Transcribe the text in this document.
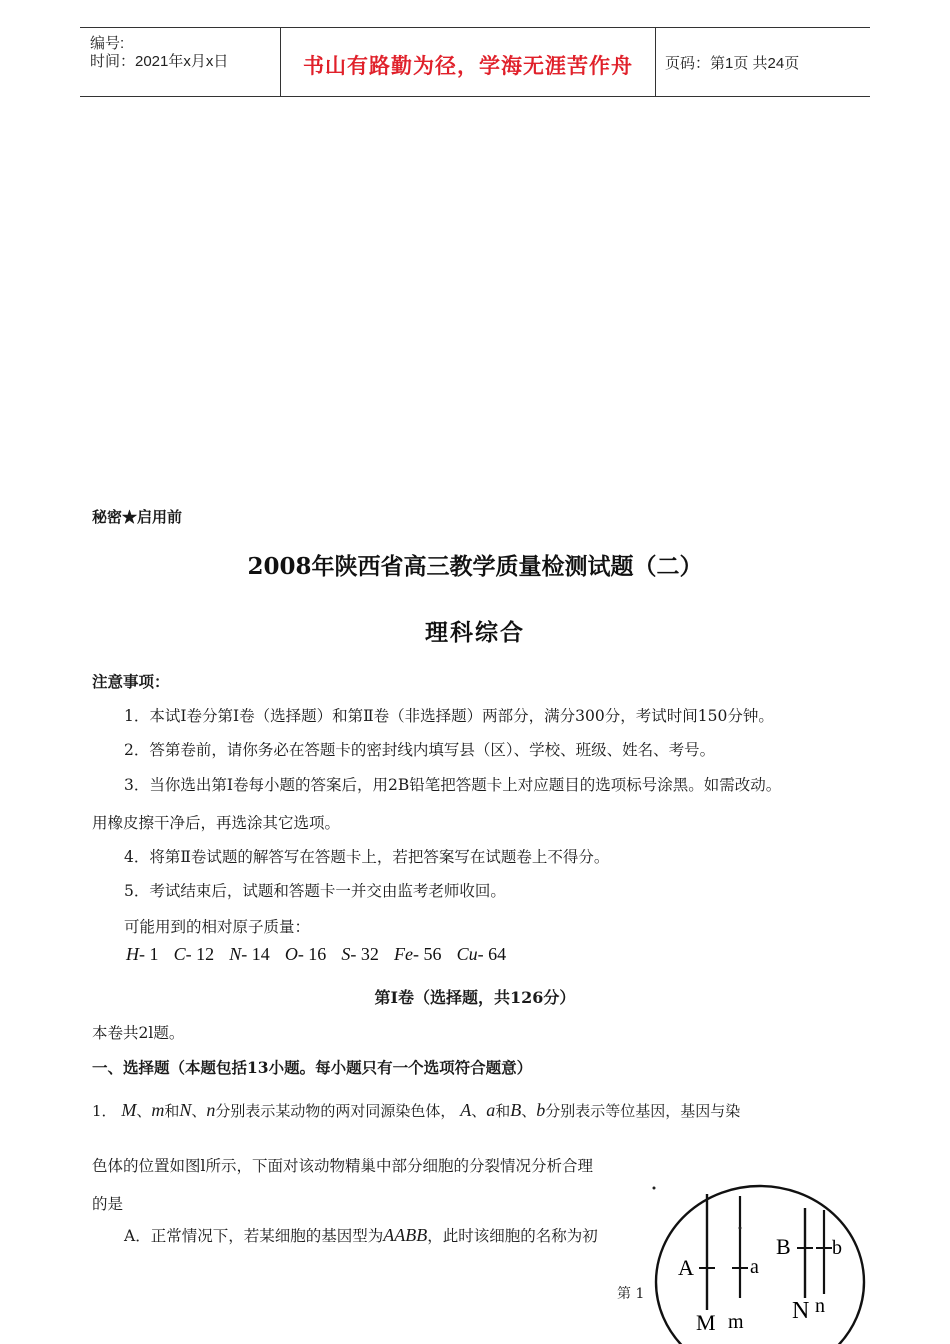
编号:
时间：2021年x月x日	书山有路勤为径，学海无涯苦作舟 页码：第1页 共24页
秘密★启用前
2008年陕西省高三教学质量检测试题（二）
理科综合
注意事项：
1．本试Ⅰ卷分第Ⅰ卷（选择题）和第Ⅱ卷（非选择题）两部分，满分300分，考试时间150分钟。
2．答第卷前，请你务必在答题卡的密封线内填写县（区）、学校、班级、姓名、考号。
3．当你选出第Ⅰ卷每小题的答案后，用2B铅笔把答题卡上对应题目的选项标号涂黑。如需改动。
用橡皮擦干净后，再选涂其它选项。
4．将第Ⅱ卷试题的解答写在答题卡上，若把答案写在试题卷上不得分。
5．考试结束后，试题和答题卡一并交由监考老师收回。
可能用到的相对原子质量：
H- 1 C- 12 N- 14 O- 16 S- 32 Fe- 56 Cu- 64
第Ⅰ卷（选择题，共126分）
本卷共2l题。
一、选择题（本题包括13小题。每小题只有一个选项符合题意）
1． M、m和N、n分别表示某动物的两对同源染色体， A、a和B、b分别表示等位基因，基因与染
色体的位置如图l所示，下面对该动物精巢中部分细胞的分裂情况分析合理
的是
A．正常情况下，若某细胞的基因型为AABB，此时该细胞的名称为初
第 1
A	a
B b
M m N n
